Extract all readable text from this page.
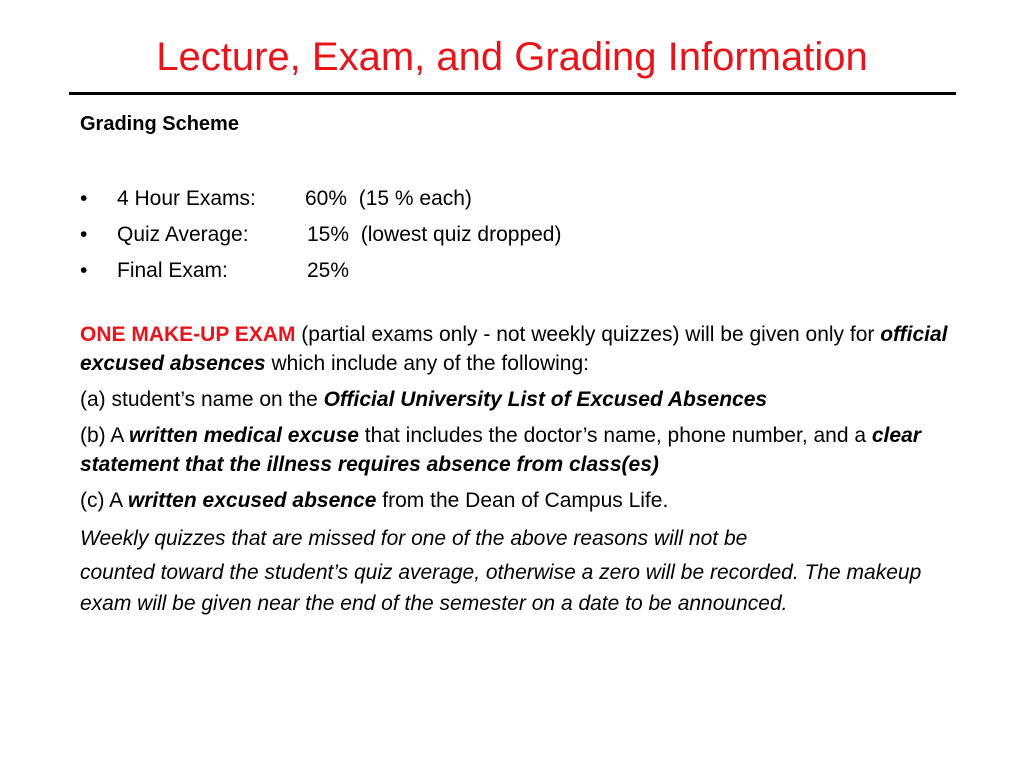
Lecture, Exam, and Grading Information
Grading Scheme
• 4 Hour Exams: 60% (15 % each)
• Quiz Average:	15% (lowest quiz dropped)
• Final Exam:	25%

ONE MAKE-UP EXAM (partial exams only - not weekly quizzes) will be given only for official excused absences which include any of the following:

(a) student’s name on the Official University List of Excused Absences

(b) A written medical excuse that includes the doctor’s name, phone number, and a clear statement that the illness requires absence from class(es)

(c) A written excused absence from the Dean of Campus Life.

Weekly quizzes that are missed for one of the above reasons will not be
counted toward the student’s quiz average, otherwise a zero will be recorded. The makeup exam will be given near the end of the semester on a date to be announced.
